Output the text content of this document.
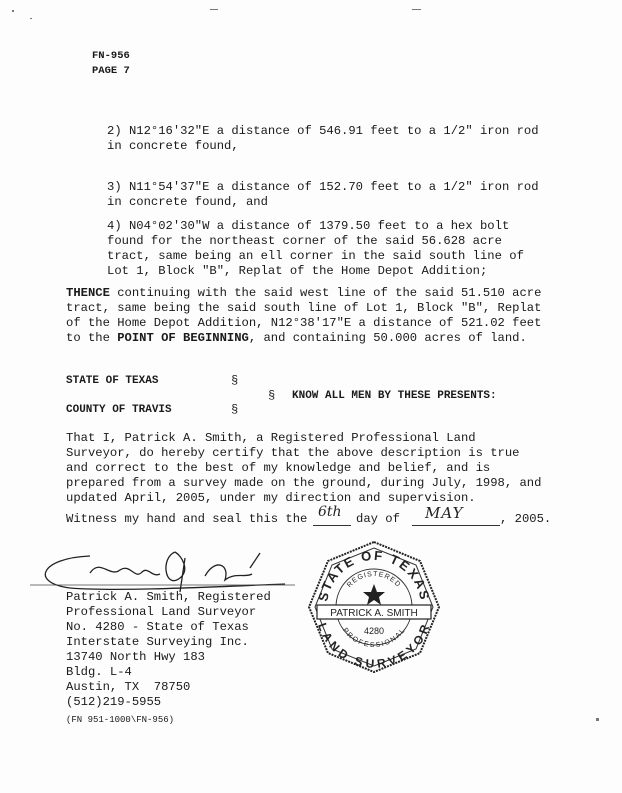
FN-956
PAGE 7
2) N12°16'32"E a distance of 546.91 feet to a 1/2" iron rod
in concrete found,
3) N11°54'37"E a distance of 152.70 feet to a 1/2" iron rod
in concrete found, and
4) N04°02'30"W a distance of 1379.50 feet to a hex bolt
found for the northeast corner of the said 56.628 acre
tract, same being an ell corner in the said south line of
Lot 1, Block "B", Replat of the Home Depot Addition;
THENCE continuing with the said west line of the said 51.510 acre
tract, same being the said south line of Lot 1, Block "B", Replat
of the Home Depot Addition, N12°38'17"E a distance of 521.02 feet
to the POINT OF BEGINNING, and containing 50.000 acres of land.
STATE OF TEXAS	§
§ KNOW ALL MEN BY THESE PRESENTS:
COUNTY OF TRAVIS	§
That I, Patrick A. Smith, a Registered Professional Land
Surveyor, do hereby certify that the above description is true
and correct to the best of my knowledge and belief, and is
prepared from a survey made on the ground, during July, 1998, and
updated April, 2005, under my direction and supervision.
Witness my hand and seal this the 6th day of MAY	, 2005.
Patrick A. Smith, Registered
Professional Land Surveyor
No. 4280 - State of Texas
Interstate Surveying Inc.
13740 North Hwy 183
Bldg. L-4
Austin, TX  78750
(512)219-5955
STATE OF TEXAS
LAND SURVEYOR
REGISTERED
PROFESSIONAL
PATRICK A. SMITH
4280
(FN 951-1000\FN-956)
